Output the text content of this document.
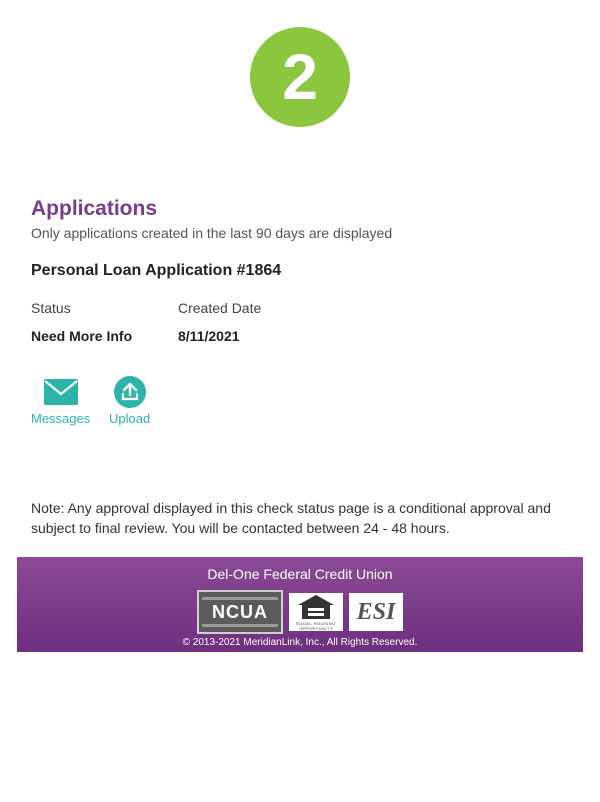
2
Applications
Only applications created in the last 90 days are displayed
Personal Loan Application #1864
Status	Created Date
Need More Info	8/11/2021
Messages Upload
Note: Any approval displayed in this check status page is a conditional approval and subject to final review. You will be contacted between 24 - 48 hours.
Del-One Federal Credit Union
NCUA
EQUAL HOUSING OPPORTUNITY
ESI
© 2013-2021 MeridianLink, Inc., All Rights Reserved.
